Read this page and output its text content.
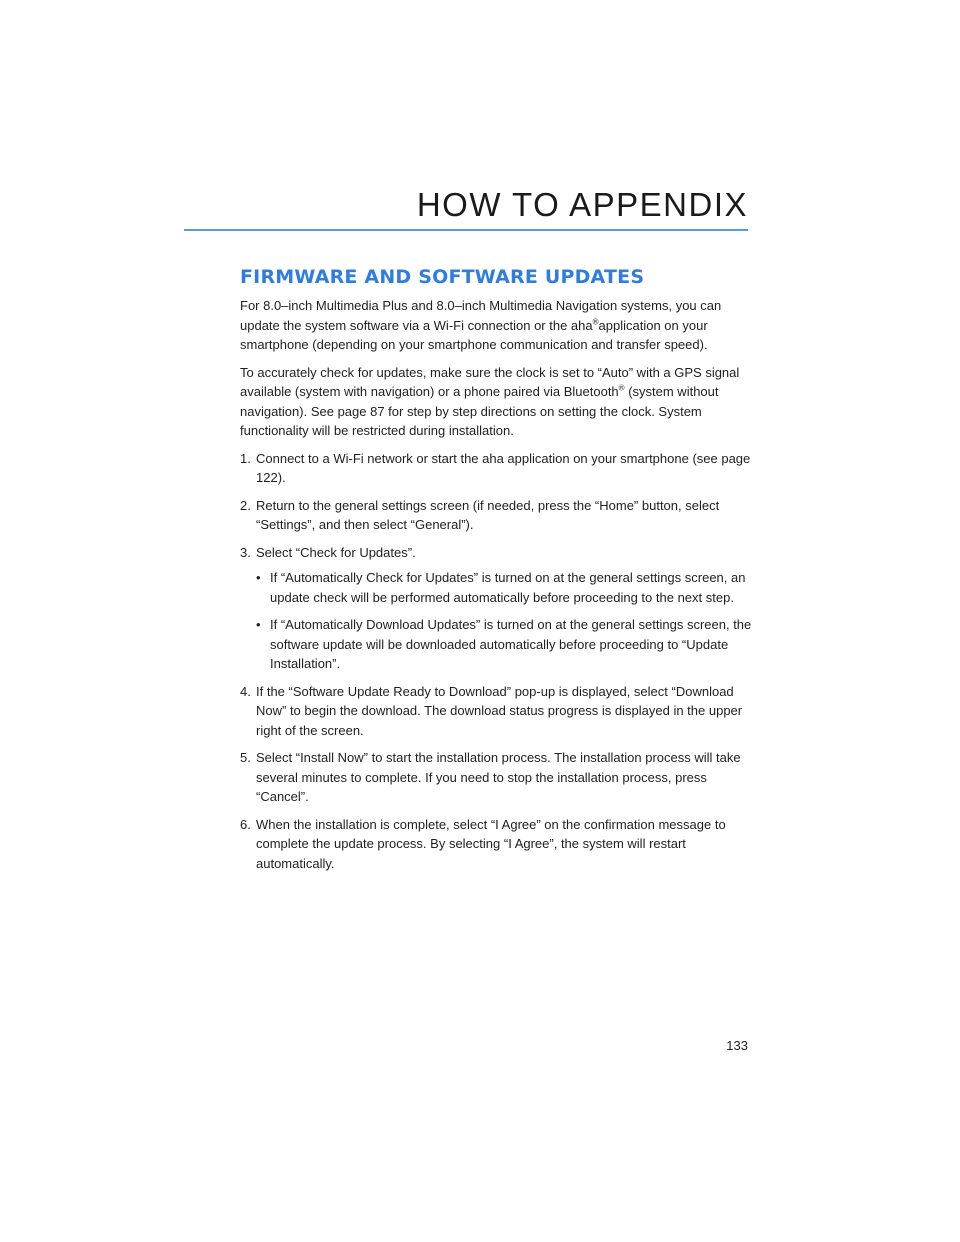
HOW TO APPENDIX
FIRMWARE AND SOFTWARE UPDATES

For 8.0–inch Multimedia Plus and 8.0–inch Multimedia Navigation systems, you can update the system software via a Wi-Fi connection or the aha®application on your smartphone (depending on your smartphone communication and transfer speed).

To accurately check for updates, make sure the clock is set to “Auto” with a GPS signal available (system with navigation) or a phone paired via Bluetooth® (system without navigation). See page 87 for step by step directions on setting the clock. System functionality will be restricted during installation.

1. Connect to a Wi-Fi network or start the aha application on your smartphone (see page 122).
2. Return to the general settings screen (if needed, press the “Home” button, select “Settings”, and then select “General”).
3. Select “Check for Updates”.
• If “Automatically Check for Updates” is turned on at the general settings screen, an update check will be performed automatically before proceeding to the next step.
• If “Automatically Download Updates” is turned on at the general settings screen, the software update will be downloaded automatically before proceeding to “Update Installation”.
4. If the “Software Update Ready to Download” pop-up is displayed, select “Download Now” to begin the download. The download status progress is displayed in the upper right of the screen.
5. Select “Install Now” to start the installation process. The installation process will take several minutes to complete. If you need to stop the installation process, press “Cancel”.
6. When the installation is complete, select “I Agree” on the confirmation message to complete the update process. By selecting “I Agree”, the system will restart automatically.
133
